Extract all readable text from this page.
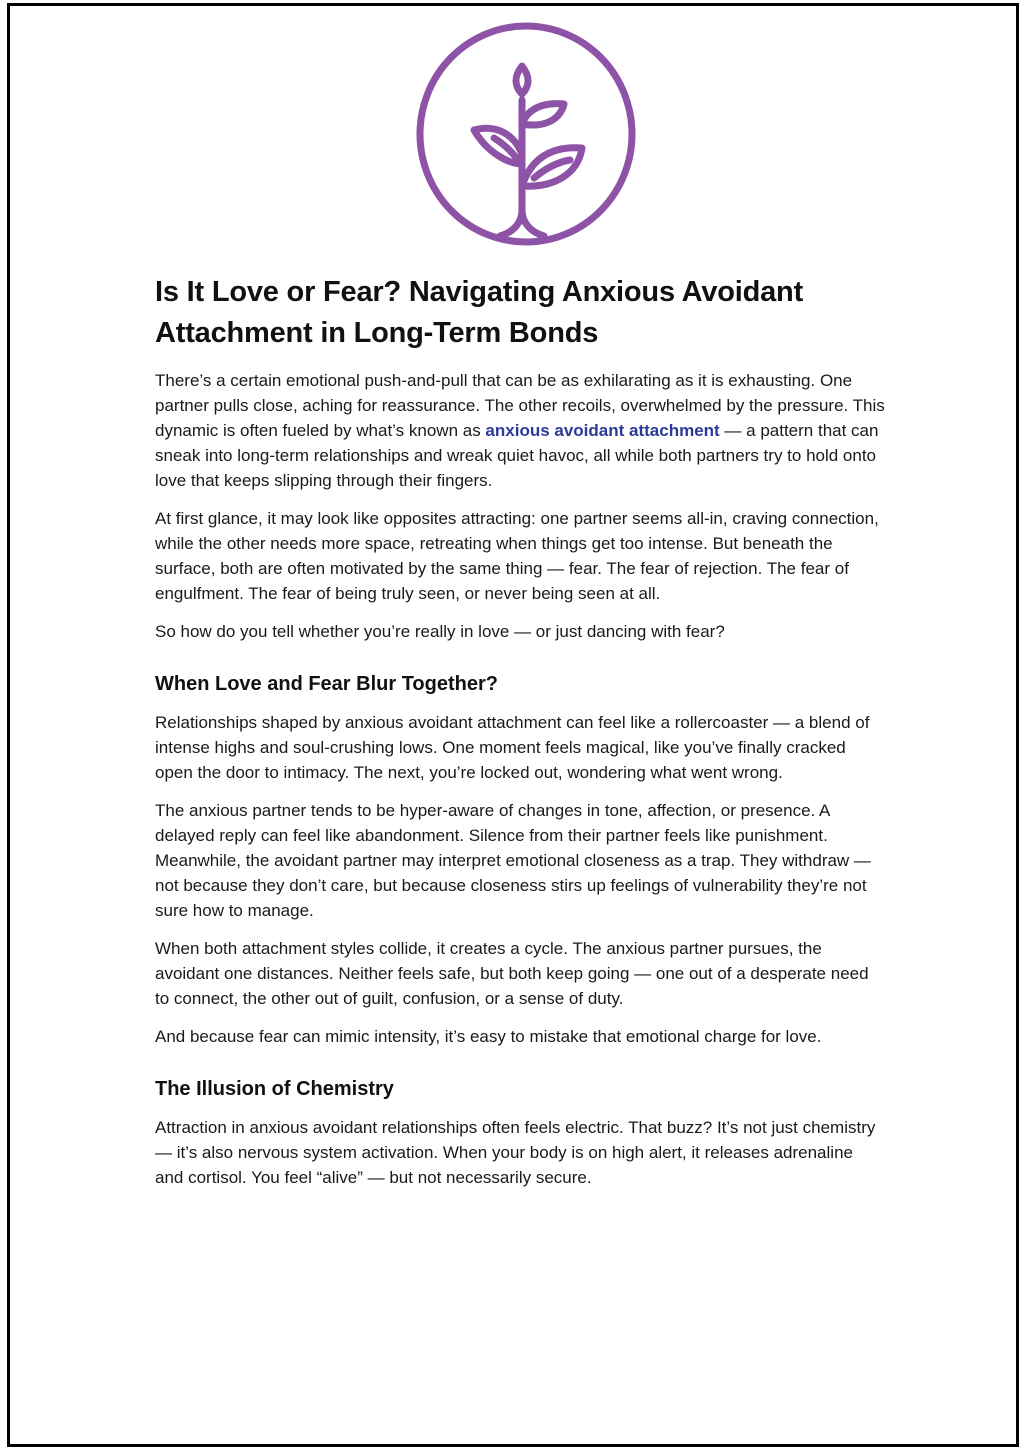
Is It Love or Fear? Navigating Anxious Avoidant Attachment in Long-Term Bonds

There’s a certain emotional push-and-pull that can be as exhilarating as it is exhausting. One partner pulls close, aching for reassurance. The other recoils, overwhelmed by the pressure. This dynamic is often fueled by what’s known as anxious avoidant attachment — a pattern that can sneak into long-term relationships and wreak quiet havoc, all while both partners try to hold onto love that keeps slipping through their fingers.

At first glance, it may look like opposites attracting: one partner seems all-in, craving connection, while the other needs more space, retreating when things get too intense. But beneath the surface, both are often motivated by the same thing — fear. The fear of rejection. The fear of engulfment. The fear of being truly seen, or never being seen at all.

So how do you tell whether you’re really in love — or just dancing with fear?

When Love and Fear Blur Together?

Relationships shaped by anxious avoidant attachment can feel like a rollercoaster — a blend of intense highs and soul-crushing lows. One moment feels magical, like you’ve finally cracked open the door to intimacy. The next, you’re locked out, wondering what went wrong.

The anxious partner tends to be hyper-aware of changes in tone, affection, or presence. A delayed reply can feel like abandonment. Silence from their partner feels like punishment. Meanwhile, the avoidant partner may interpret emotional closeness as a trap. They withdraw — not because they don’t care, but because closeness stirs up feelings of vulnerability they’re not sure how to manage.

When both attachment styles collide, it creates a cycle. The anxious partner pursues, the avoidant one distances. Neither feels safe, but both keep going — one out of a desperate need to connect, the other out of guilt, confusion, or a sense of duty.

And because fear can mimic intensity, it’s easy to mistake that emotional charge for love.

The Illusion of Chemistry

Attraction in anxious avoidant relationships often feels electric. That buzz? It’s not just chemistry — it’s also nervous system activation. When your body is on high alert, it releases adrenaline and cortisol. You feel “alive” — but not necessarily secure.
